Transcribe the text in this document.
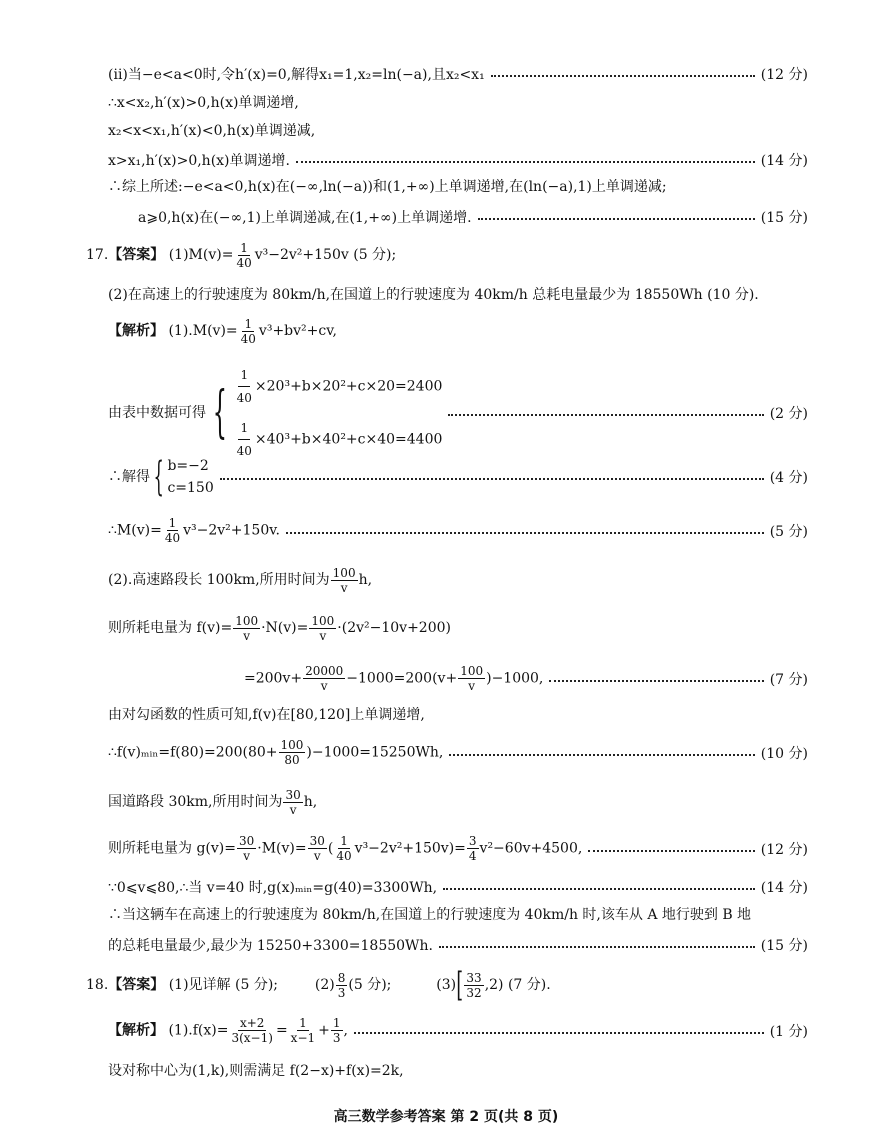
(ⅱ)当−e<a<0时,令h′(x)=0,解得x₁=1,x₂=ln(−a),且x₂<x₁	(12 分)
∴x<x₂,h′(x)>0,h(x)单调递增,
x₂<x<x₁,h′(x)<0,h(x)单调递减,
x>x₁,h′(x)>0,h(x)单调递增.	(14 分)
∴综上所述:−e<a<0,h(x)在(−∞,ln(−a))和(1,+∞)上单调递增,在(ln(−a),1)上单调递减;
a⩾0,h(x)在(−∞,1)上单调递减,在(1,+∞)上单调递增.	(15 分)
17.【答案】 $(1)M(v)= \frac{1}{40} v^3-2v^2+150v$ (5 分);
(2)在高速上的行驶速度为 80km/h,在国道上的行驶速度为 40km/h 总耗电量最少为 18550Wh (10 分).
【解析】 $(1).M(v)= \frac{1}{40} v^3+bv^2+cv$,
由表中数据可得 { $\frac{1}{40} \times 20^3+b\times 20^2+c\times 20=2400$
$\frac{1}{40} \times 40^3+b\times 40^2+c\times 40=4400$
(2 分)
∴解得{ b=−2
c=150
(4 分)
∴M(v)= $\frac{1}{40} v^3-2v^2+150v$.	(5 分)
(2).高速路段长 100km,所用时间为 $\frac{100}{v} h$,
则所耗电量为 $f(v)= \frac{100}{v} \cdot N(v)= \frac{100}{v} \cdot(2v^2-10v+200)$
$=200v+ \frac{20000}{v} -1000=200(v+ \frac{100}{v} )-1000$,	(7 分)
由对勾函数的性质可知,f(v)在[80,120]上单调递增,
∴f(v)ₘᵢₙ=f(80)=200(80+ $\frac{100}{80} )-1000=15250Wh$,	(10 分)
国道路段 30km,所用时间为 $\frac{30}{v} h$,
则所耗电量为 $g(v)= \frac{30}{v} \cdot M(v)= \frac{30}{v}$ ( $\frac{1}{40} v^3-2v^2+150v)= \frac{3}{4} v^2-60v+4500$,	(12 分)
∵0⩽v⩽80,∴当 v=40 时,g(x)ₘᵢₙ=g(40)=3300Wh,	(14 分)
∴当这辆车在高速上的行驶速度为 80km/h,在国道上的行驶速度为 40km/h 时,该车从 A 地行驶到 B 地
的总耗电量最少,最少为 15250+3300=18550Wh.	(15 分)
18.【答案】 (1)见详解 (5 分);	$(2) \frac{8}{3} (5$ 分);	$(3)[ \frac{33}{32} ,2)$ (7 分).
【解析】 $(1).f(x)= \frac{x+2}{3(x-1)} = \frac{1}{x-1} + \frac{1}{3}$ ,	(1 分)
设对称中心为(1,k),则需满足 f(2−x)+f(x)=2k,
高三数学参考答案 第 2 页(共 8 页)
